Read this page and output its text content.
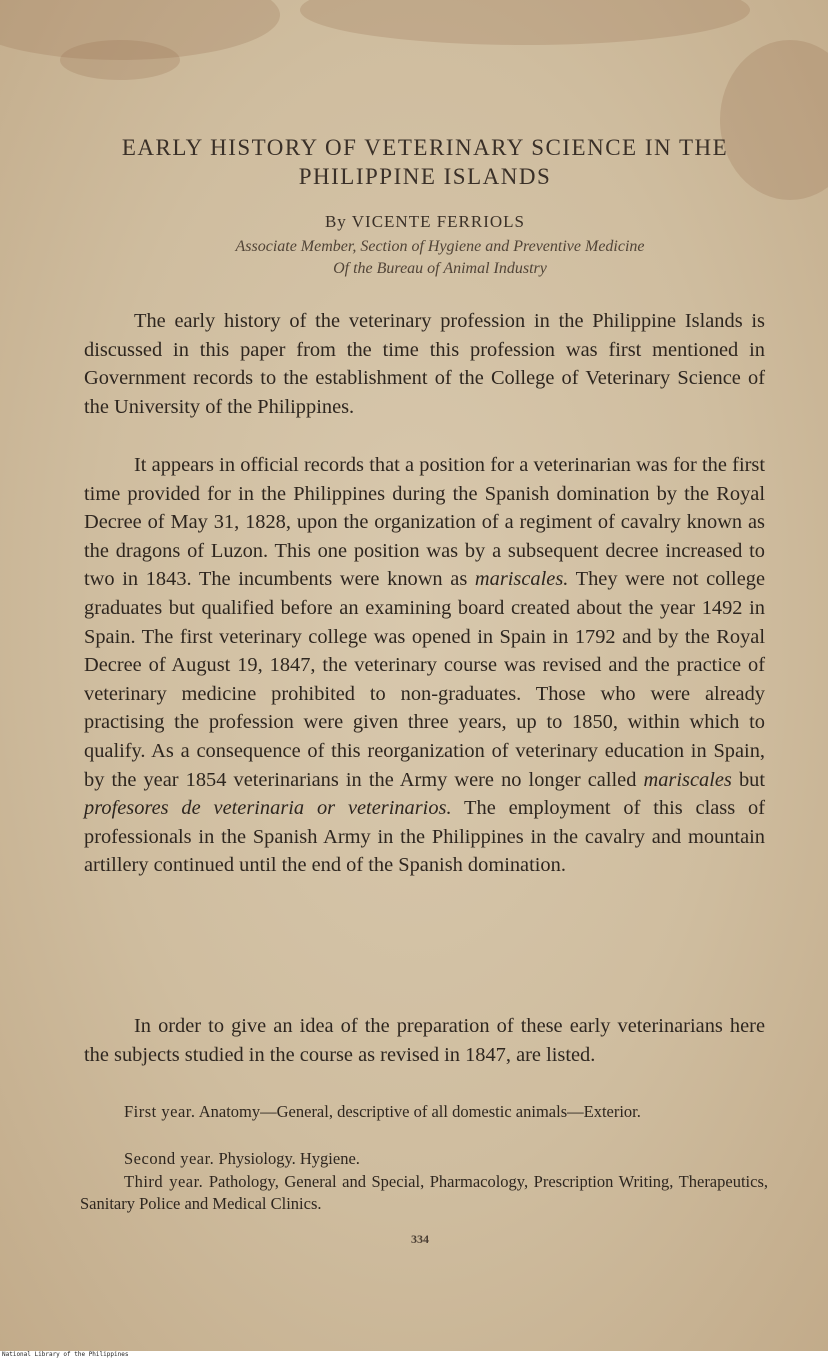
EARLY HISTORY OF VETERINARY SCIENCE IN THE
PHILIPPINE ISLANDS
By VICENTE FERRIOLS
Associate Member, Section of Hygiene and Preventive Medicine
Of the Bureau of Animal Industry

The early history of the veterinary profession in the Philippine Islands is discussed in this paper from the time this profession was first mentioned in Government records to the establishment of the College of Veterinary Science of the University of the Philippines.

It appears in official records that a position for a veterinarian was for the first time provided for in the Philippines during the Spanish domination by the Royal Decree of May 31, 1828, upon the organization of a regiment of cavalry known as the dragons of Luzon. This one position was by a subsequent decree increased to two in 1843. The incumbents were known as mariscales. They were not college graduates but qualified before an examining board created about the year 1492 in Spain. The first veterinary college was opened in Spain in 1792 and by the Royal Decree of August 19, 1847, the veterinary course was revised and the practice of veterinary medicine prohibited to non-graduates. Those who were already practising the profession were given three years, up to 1850, within which to qualify. As a consequence of this reorganization of veterinary education in Spain, by the year 1854 veterinarians in the Army were no longer called mariscales but profesores de veterinaria or veterinarios. The employment of this class of professionals in the Spanish Army in the Philippines in the cavalry and mountain artillery continued until the end of the Spanish domination.

In order to give an idea of the preparation of these early veterinarians here the subjects studied in the course as revised in 1847, are listed.

First year. Anatomy—General, descriptive of all domestic animals—Exterior.

Second year. Physiology. Hygiene.

Third year. Pathology, General and Special, Pharmacology, Prescription Writing, Therapeutics, Sanitary Police and Medical Clinics.

334
National Library of the Philippines
